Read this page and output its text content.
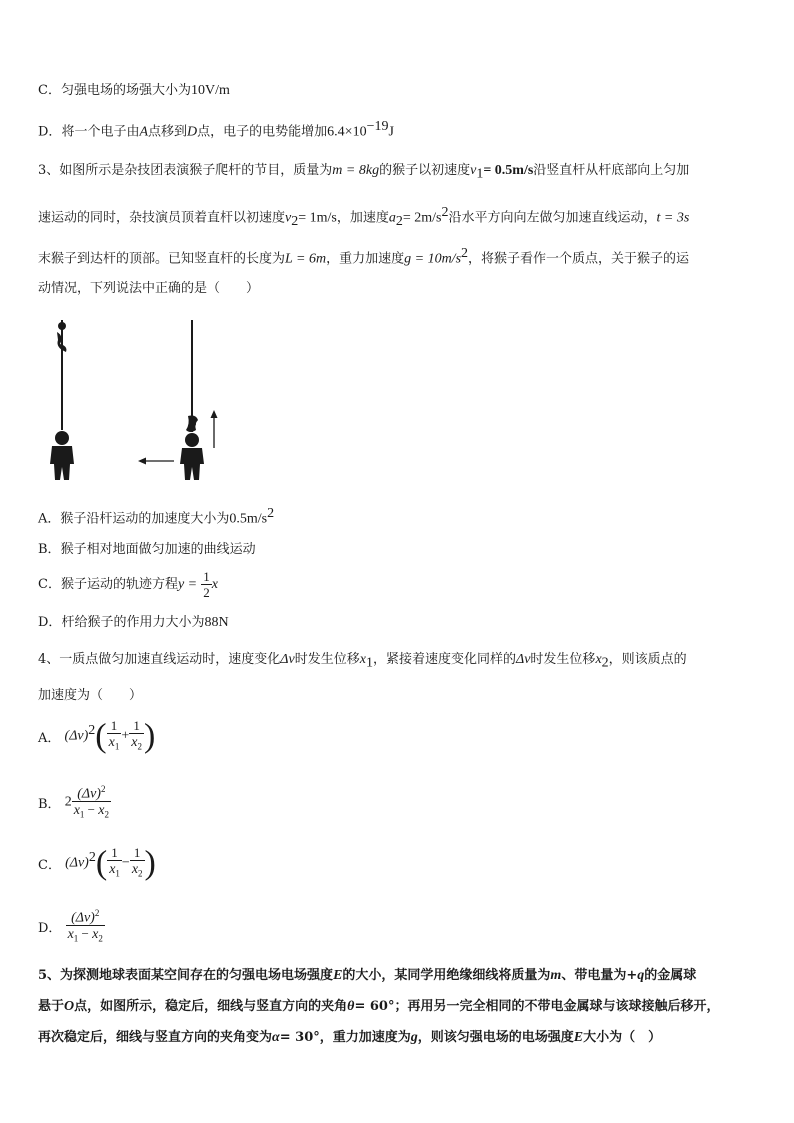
C．匀强电场的场强大小为10V/m
D．将一个电子由A点移到D点，电子的电势能增加$6.4\times 10^{-19}J$
3、如图所示是杂技团表演猴子爬杆的节目，质量为m = 8kg的猴子以初速度$v_1= 0.5m/s$沿竖直杆从杆底部向上匀加
速运动的同时，杂技演员顶着直杆以初速度$v_2= 1m/s$，加速度$a_2= 2m/s^2$沿水平方向向左做匀加速直线运动，t = 3s
末猴子到达杆的顶部。已知竖直杆的长度为L = 6m，重力加速度$g = 10m/s^2$，将猴子看作一个质点，关于猴子的运
动情况，下列说法中正确的是（　　）
A．猴子沿杆运动的加速度大小为$0.5m/s^2$
B．猴子相对地面做匀加速的曲线运动
C．猴子运动的轨迹方程$y = \frac{1}{2}$ x
D．杆给猴子的作用力大小为88N
4、一质点做匀加速直线运动时，速度变化Δv时发生位移$x_1$，紧接着速度变化同样的Δv时发生位移$x_2$，则该质点的
加速度为（　　）
A． $(\Delta v)^2( \frac{1}{x_1} + \frac{1}{x_2}$ )
B． $2 \frac{(\Delta v)^2}{x_1 - x_2}$
C． $(\Delta v)^2( \frac{1}{x_1} - \frac{1}{x_2}$ )
D． $\frac{(\Delta v)^2}{x_1 - x_2}$
5、为探测地球表面某空间存在的匀强电场电场强度E的大小，某同学用绝缘细线将质量为m、带电量为+q的金属球
悬于O点，如图所示，稳定后，细线与竖直方向的夹角θ= 60°；再用另一完全相同的不带电金属球与该球接触后移开，
再次稳定后，细线与竖直方向的夹角变为α= 30°，重力加速度为g，则该匀强电场的电场强度E大小为（　）
